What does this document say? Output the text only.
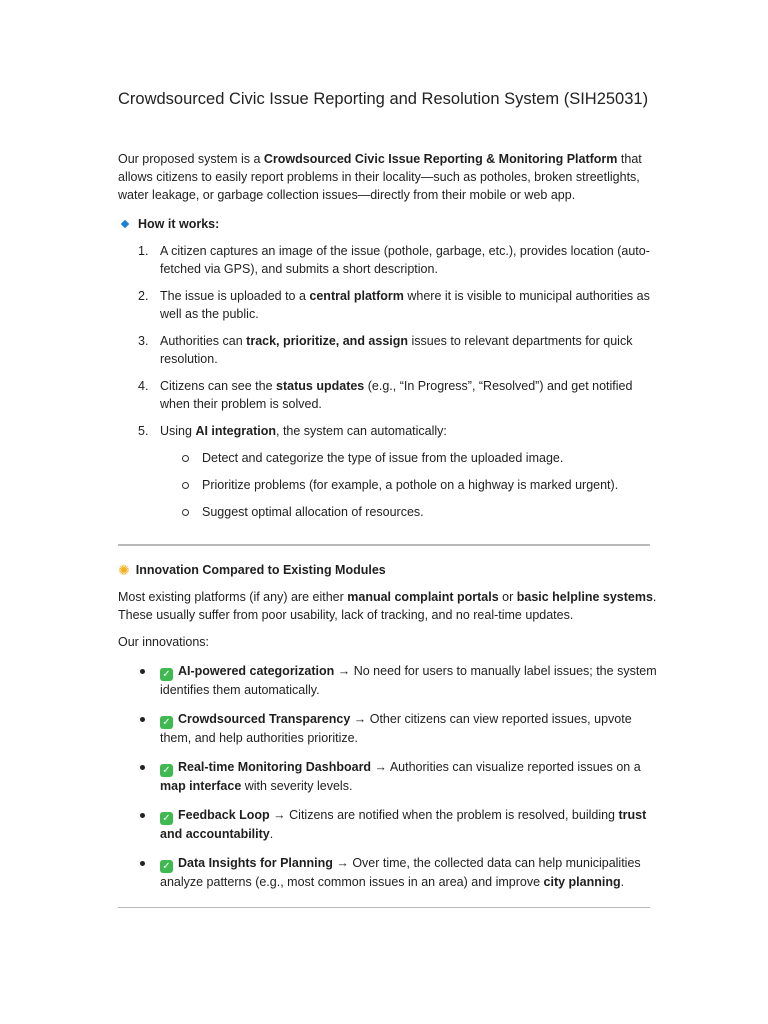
Crowdsourced Civic Issue Reporting and Resolution System (SIH25031)

Our proposed system is a Crowdsourced Civic Issue Reporting & Monitoring Platform that allows citizens to easily report problems in their locality—such as potholes, broken streetlights, water leakage, or garbage collection issues—directly from their mobile or web app.

How it works:
1. A citizen captures an image of the issue (pothole, garbage, etc.), provides location (auto-fetched via GPS), and submits a short description.
2. The issue is uploaded to a central platform where it is visible to municipal authorities as well as the public.
3. Authorities can track, prioritize, and assign issues to relevant departments for quick resolution.
4. Citizens can see the status updates (e.g., “In Progress”, “Resolved”) and get notified when their problem is solved.
5. Using AI integration, the system can automatically:
Detect and categorize the type of issue from the uploaded image.
Prioritize problems (for example, a pothole on a highway is marked urgent).
Suggest optimal allocation of resources.
✺ Innovation Compared to Existing Modules

Most existing platforms (if any) are either manual complaint portals or basic helpline systems. These usually suffer from poor usability, lack of tracking, and no real-time updates.

Our innovations:

✓ AI-powered categorization → No need for users to manually label issues; the system identifies them automatically.
✓ Crowdsourced Transparency → Other citizens can view reported issues, upvote them, and help authorities prioritize.
✓ Real-time Monitoring Dashboard → Authorities can visualize reported issues on a map interface with severity levels.
✓ Feedback Loop → Citizens are notified when the problem is resolved, building trust and accountability.
✓ Data Insights for Planning → Over time, the collected data can help municipalities analyze patterns (e.g., most common issues in an area) and improve city planning.
